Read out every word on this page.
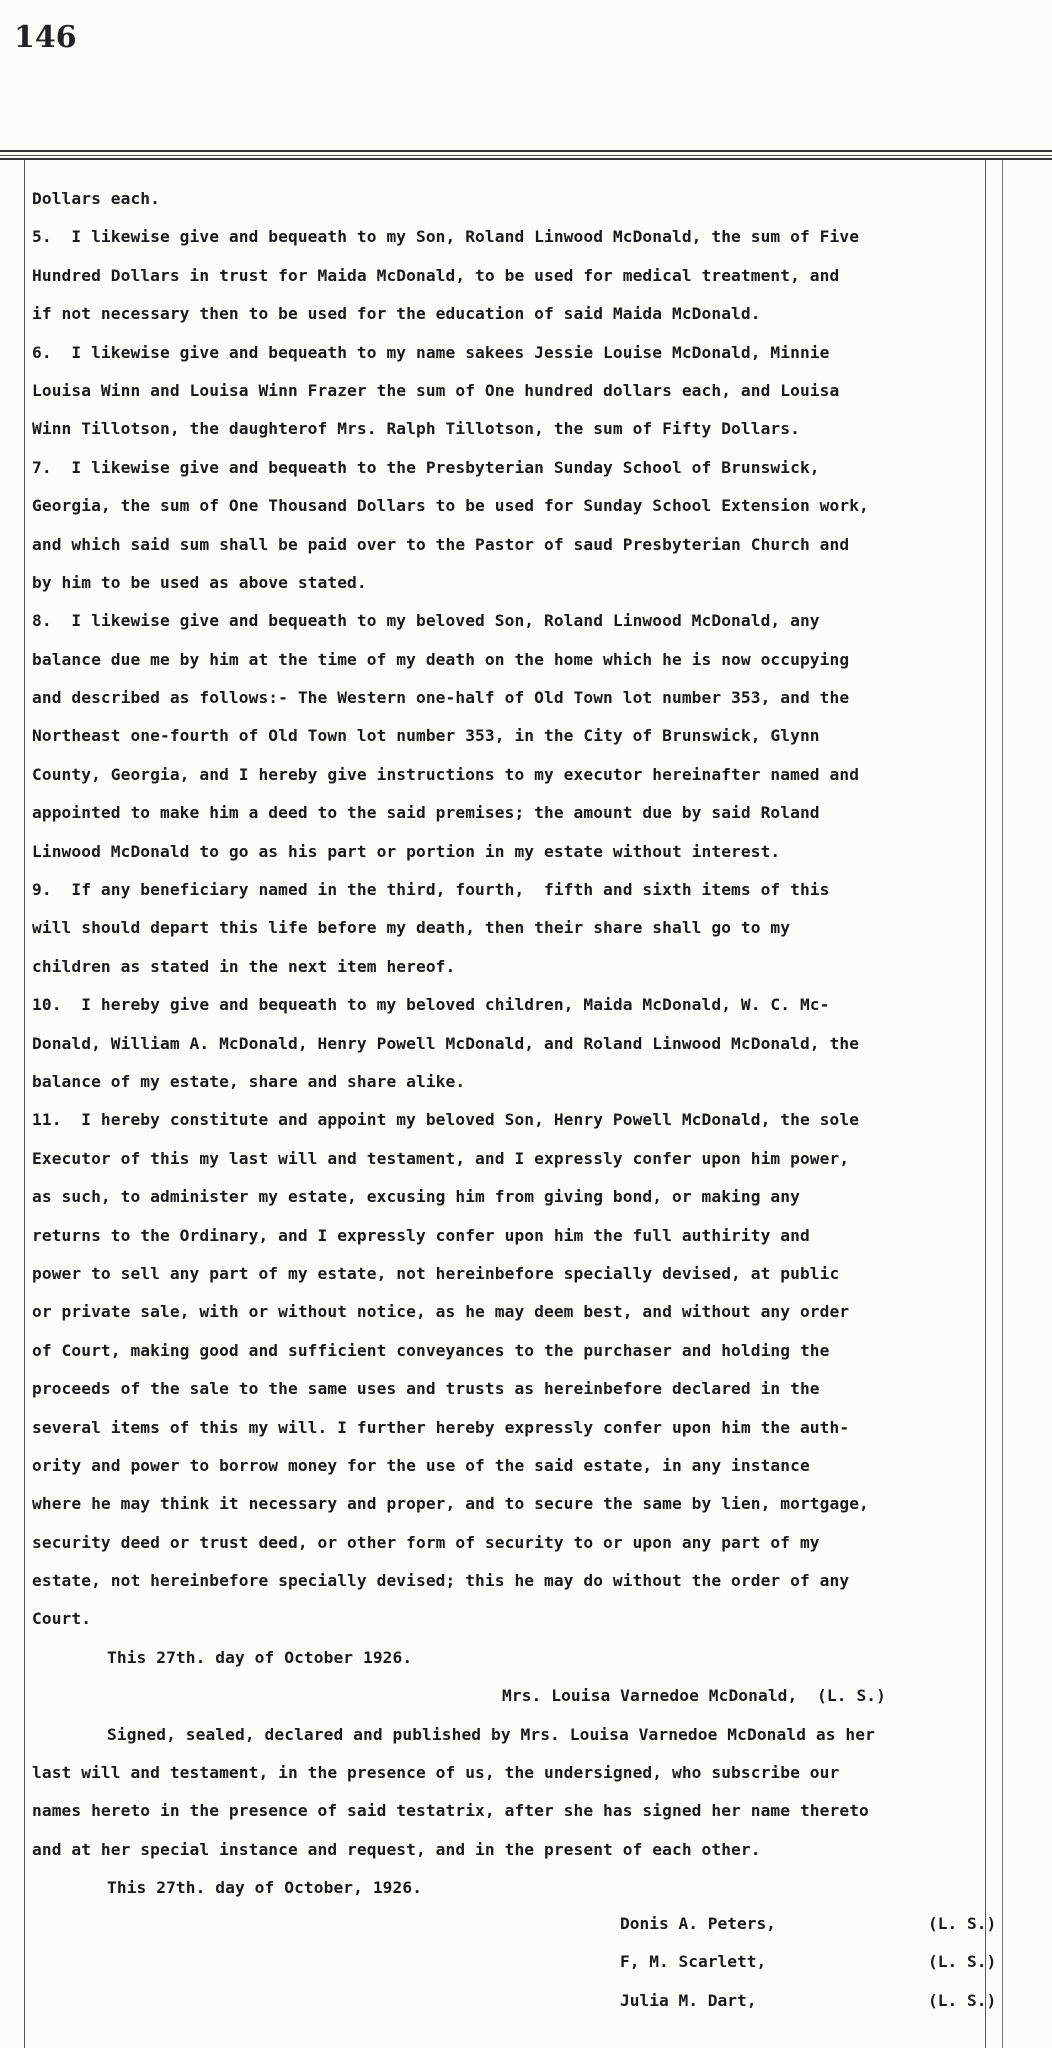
146
Dollars each.
5.  I likewise give and bequeath to my Son, Roland Linwood McDonald, the sum of Five
Hundred Dollars in trust for Maida McDonald, to be used for medical treatment, and
if not necessary then to be used for the education of said Maida McDonald.
6.  I likewise give and bequeath to my name sakees Jessie Louise McDonald, Minnie
Louisa Winn and Louisa Winn Frazer the sum of One hundred dollars each, and Louisa
Winn Tillotson, the daughterof Mrs. Ralph Tillotson, the sum of Fifty Dollars.
7.  I likewise give and bequeath to the Presbyterian Sunday School of Brunswick,
Georgia, the sum of One Thousand Dollars to be used for Sunday School Extension work,
and which said sum shall be paid over to the Pastor of saud Presbyterian Church and
by him to be used as above stated.
8.  I likewise give and bequeath to my beloved Son, Roland Linwood McDonald, any
balance due me by him at the time of my death on the home which he is now occupying
and described as follows:- The Western one-half of Old Town lot number 353, and the
Northeast one-fourth of Old Town lot number 353, in the City of Brunswick, Glynn
County, Georgia, and I hereby give instructions to my executor hereinafter named and
appointed to make him a deed to the said premises; the amount due by said Roland
Linwood McDonald to go as his part or portion in my estate without interest.
9.  If any beneficiary named in the third, fourth,  fifth and sixth items of this
will should depart this life before my death, then their share shall go to my
children as stated in the next item hereof.
10.  I hereby give and bequeath to my beloved children, Maida McDonald, W. C. Mc-
Donald, William A. McDonald, Henry Powell McDonald, and Roland Linwood McDonald, the
balance of my estate, share and share alike.
11.  I hereby constitute and appoint my beloved Son, Henry Powell McDonald, the sole
Executor of this my last will and testament, and I expressly confer upon him power,
as such, to administer my estate, excusing him from giving bond, or making any
returns to the Ordinary, and I expressly confer upon him the full authirity and
power to sell any part of my estate, not hereinbefore specially devised, at public
or private sale, with or without notice, as he may deem best, and without any order
of Court, making good and sufficient conveyances to the purchaser and holding the
proceeds of the sale to the same uses and trusts as hereinbefore declared in the
several items of this my will. I further hereby expressly confer upon him the auth-
ority and power to borrow money for the use of the said estate, in any instance
where he may think it necessary and proper, and to secure the same by lien, mortgage,
security deed or trust deed, or other form of security to or upon any part of my
estate, not hereinbefore specially devised; this he may do without the order of any
Court.
This 27th. day of October 1926.
Mrs. Louisa Varnedoe McDonald,  (L. S.)
Signed, sealed, declared and published by Mrs. Louisa Varnedoe McDonald as her
last will and testament, in the presence of us, the undersigned, who subscribe our
names hereto in the presence of said testatrix, after she has signed her name thereto
and at her special instance and request, and in the present of each other.
This 27th. day of October, 1926.
Donis A. Peters,	(L. S.)
F, M. Scarlett,	(L. S.)
Julia M. Dart,	(L. S.)
